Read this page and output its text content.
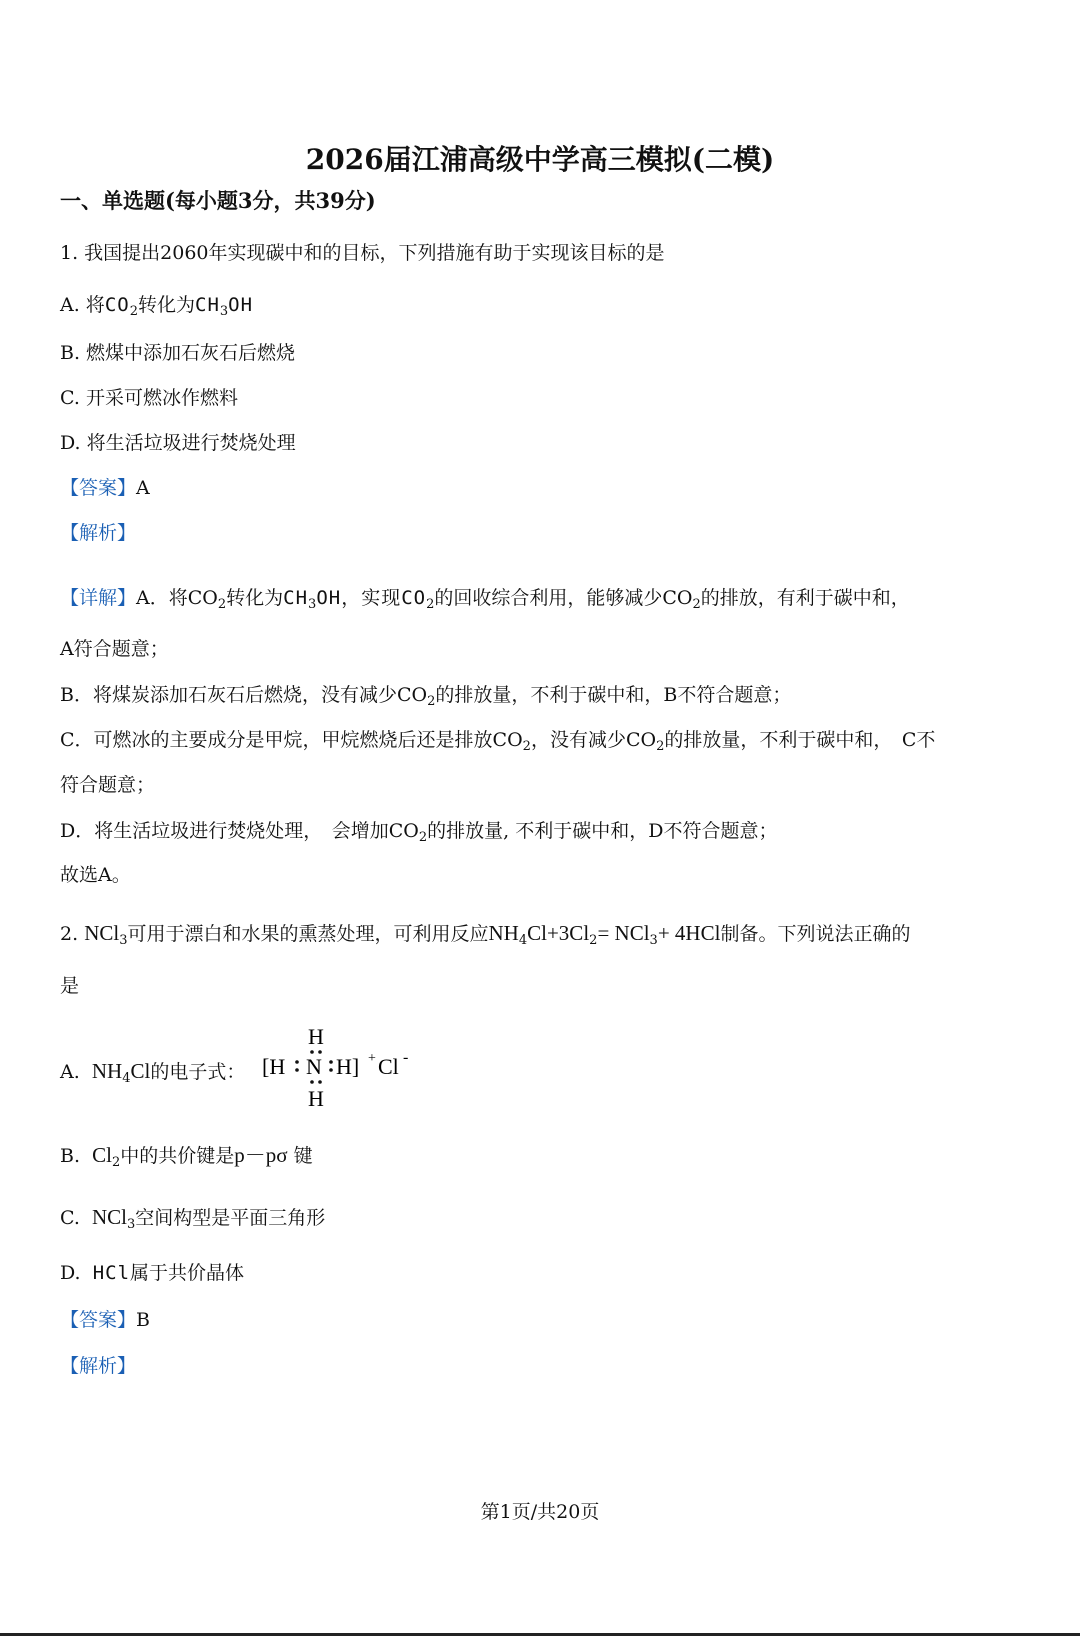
2026届江浦高级中学高三模拟(二模)
一、单选题(每小题3分，共39分)
1. 我国提出2060年实现碳中和的目标，下列措施有助于实现该目标的是
A. 将$CO_2$转化为$CH_3OH$
B. 燃煤中添加石灰石后燃烧
C. 开采可燃冰作燃料
D. 将生活垃圾进行焚烧处理
【答案】A
【解析】
【详解】A．将$CO_2$转化为$CH_3OH$，实现$CO_2$的回收综合利用，能够减少$CO_2$的排放，有利于碳中和，
A符合题意；
B．将煤炭添加石灰石后燃烧，没有减少$CO_2$的排放量，不利于碳中和，B不符合题意；
C．可燃冰的主要成分是甲烷，甲烷燃烧后还是排放$CO_2$，没有减少$CO_2$的排放量，不利于碳中和，　C不
符合题意；
D．将生活垃圾进行焚烧处理，　会增加$CO_2$的排放量, 不利于碳中和，D不符合题意；
故选A。
2. NCl$_3$可用于漂白和水果的熏蒸处理，可利用反应$NH_4Cl+3Cl_2= NCl_3+ 4HCl$制备。下列说法正确的
是
A. $NH_4Cl$的电子式：
H
[H N H] + Cl -
H
B. $Cl_2$中的共价键是p－pσ 键
C. NCl$_3$空间构型是平面三角形
D. HCl属于共价晶体
【答案】B
【解析】
第1页/共20页
